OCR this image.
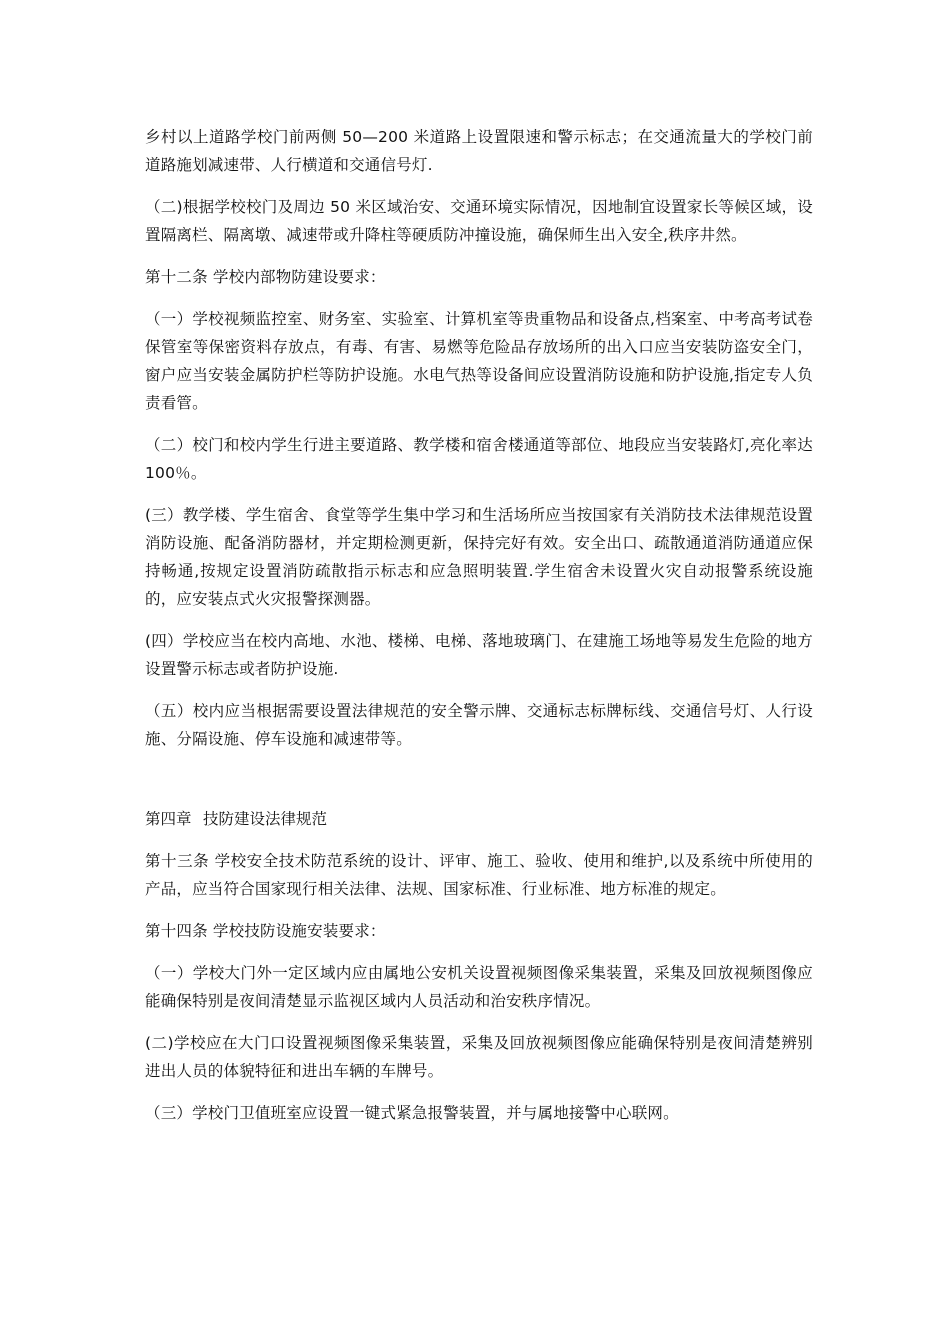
乡村以上道路学校门前两侧 50—200 米道路上设置限速和警示标志；在交通流量大的学校门前道路施划减速带、人行横道和交通信号灯.

（二)根据学校校门及周边 50 米区域治安、交通环境实际情况，因地制宜设置家长等候区域，设置隔离栏、隔离墩、减速带或升降柱等硬质防冲撞设施，确保师生出入安全,秩序井然。

第十二条 学校内部物防建设要求：

（一）学校视频监控室、财务室、实验室、计算机室等贵重物品和设备点,档案室、中考高考试卷保管室等保密资料存放点，有毒、有害、易燃等危险品存放场所的出入口应当安装防盗安全门，窗户应当安装金属防护栏等防护设施。水电气热等设备间应设置消防设施和防护设施,指定专人负责看管。

（二）校门和校内学生行进主要道路、教学楼和宿舍楼通道等部位、地段应当安装路灯,亮化率达 100％。

(三）教学楼、学生宿舍、食堂等学生集中学习和生活场所应当按国家有关消防技术法律规范设置消防设施、配备消防器材，并定期检测更新，保持完好有效。安全出口、疏散通道消防通道应保持畅通,按规定设置消防疏散指示标志和应急照明装置.学生宿舍未设置火灾自动报警系统设施的，应安装点式火灾报警探测器。

(四）学校应当在校内高地、水池、楼梯、电梯、落地玻璃门、在建施工场地等易发生危险的地方设置警示标志或者防护设施.

（五）校内应当根据需要设置法律规范的安全警示牌、交通标志标牌标线、交通信号灯、人行设施、分隔设施、停车设施和减速带等。

第四章 技防建设法律规范

第十三条 学校安全技术防范系统的设计、评审、施工、验收、使用和维护,以及系统中所使用的产品，应当符合国家现行相关法律、法规、国家标准、行业标准、地方标准的规定。

第十四条 学校技防设施安装要求：

（一）学校大门外一定区域内应由属地公安机关设置视频图像采集装置，采集及回放视频图像应能确保特别是夜间清楚显示监视区域内人员活动和治安秩序情况。

(二)学校应在大门口设置视频图像采集装置，采集及回放视频图像应能确保特别是夜间清楚辨别进出人员的体貌特征和进出车辆的车牌号。

（三）学校门卫值班室应设置一键式紧急报警装置，并与属地接警中心联网。
